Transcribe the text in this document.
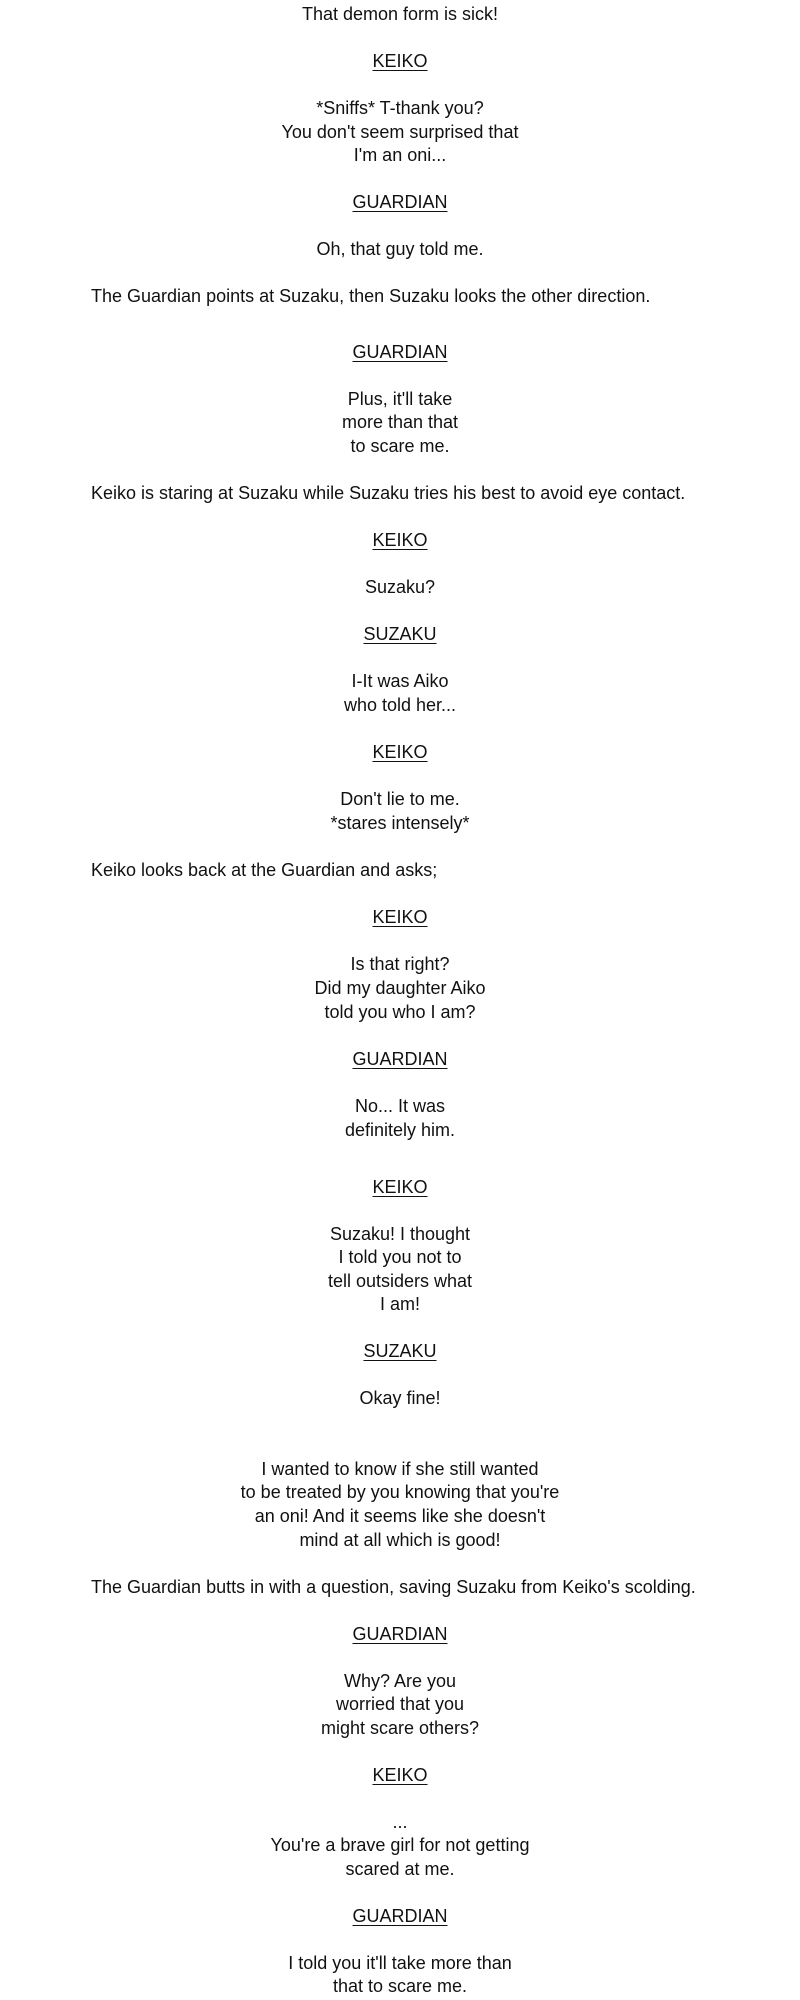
That demon form is sick!
KEIKO
*Sniffs* T-thank you?
You don't seem surprised that
I'm an oni...
GUARDIAN
Oh, that guy told me.
The Guardian points at Suzaku, then Suzaku looks the other direction.
GUARDIAN
Plus, it'll take
more than that
to scare me.
Keiko is staring at Suzaku while Suzaku tries his best to avoid eye contact.
KEIKO
Suzaku?
SUZAKU
I-It was Aiko
who told her...
KEIKO
Don't lie to me.
*stares intensely*
Keiko looks back at the Guardian and asks;
KEIKO
Is that right?
Did my daughter Aiko
told you who I am?
GUARDIAN
No... It was
definitely him.
KEIKO
Suzaku! I thought
I told you not to
tell outsiders what
I am!
SUZAKU
Okay fine!
I wanted to know if she still wanted
to be treated by you knowing that you're
an oni! And it seems like she doesn't
mind at all which is good!
The Guardian butts in with a question, saving Suzaku from Keiko's scolding.
GUARDIAN
Why? Are you
worried that you
might scare others?
KEIKO
...
You're a brave girl for not getting
scared at me.
GUARDIAN
I told you it'll take more than
that to scare me.
